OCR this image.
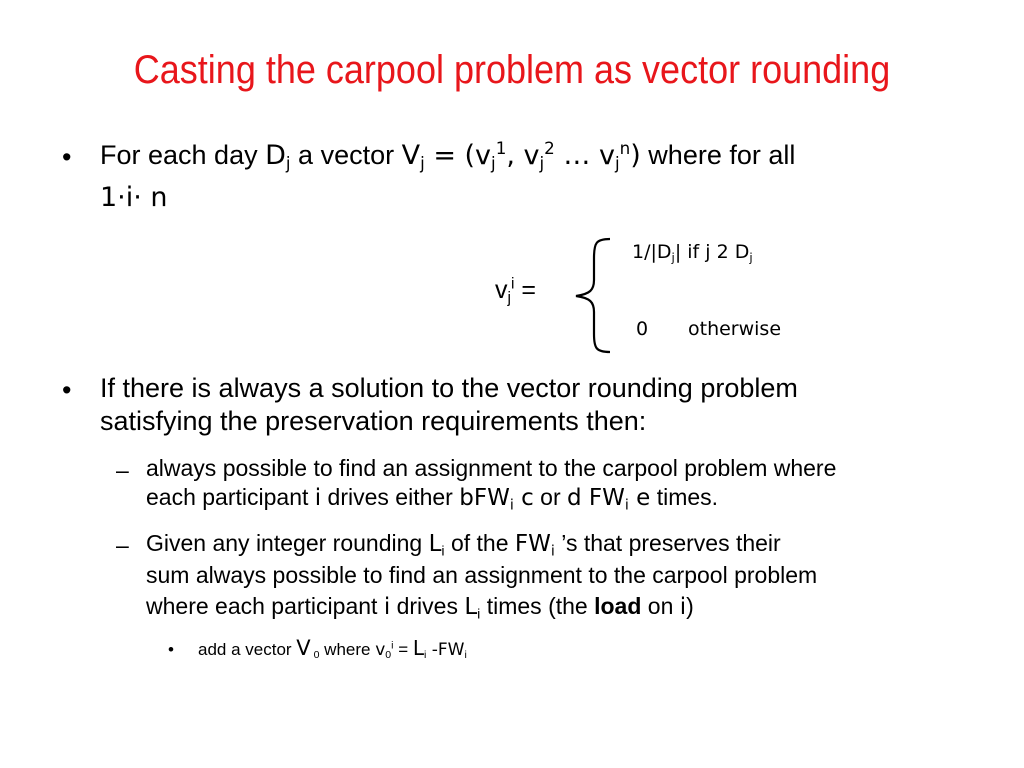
Casting the carpool problem as vector rounding
• For each day $D_j$ a vector $V_j = (v_j^1$, $v_j^2$ … $v_j^n$) where for all
1·i· n
$v_j^i$ =
$1/|D_j|$ if j 2 $D_j$
0 otherwise
• If there is always a solution to the vector rounding problem
satisfying the preservation requirements then:
– always possible to find an assignment to the carpool problem where
each participant i drives either bFW$_i$ c or d $FW_i$ e times.
– Given any integer rounding $L_i$ of the $FW_i$ ’s that preserves their
sum always possible to find an assignment to the carpool problem
where each participant i drives $L_i$ times (the load on i)
• add a vector V $_0$ where $v_0^i = L_i$ $-FW_i$
